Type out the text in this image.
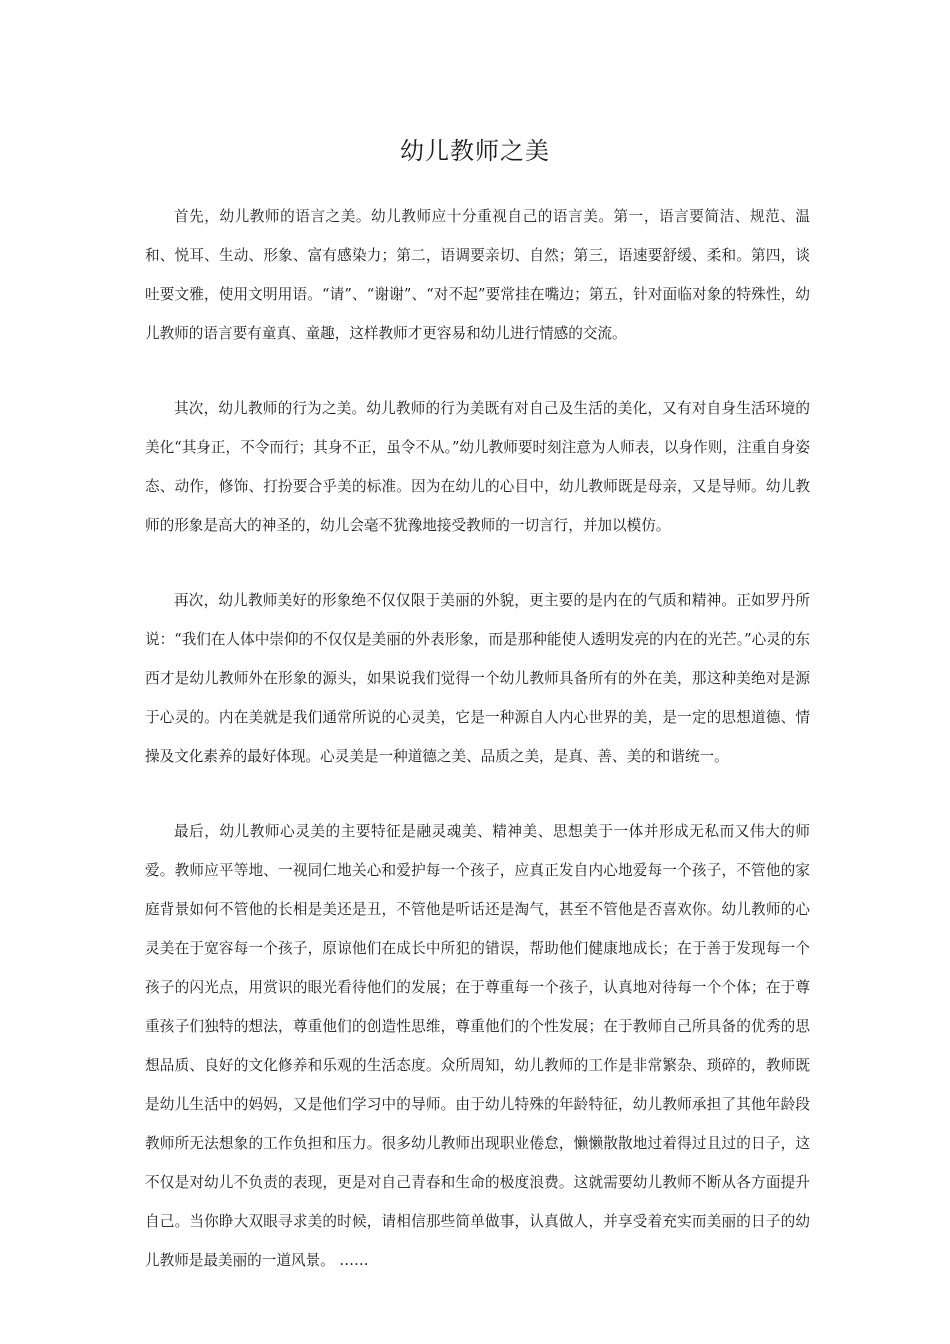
幼儿教师之美

首先，幼儿教师的语言之美。幼儿教师应十分重视自己的语言美。第一，语言要简洁、规范、温和、悦耳、生动、形象、富有感染力；第二，语调要亲切、自然；第三，语速要舒缓、柔和。第四，谈吐要文雅，使用文明用语。“请”、“谢谢”、“对不起”要常挂在嘴边；第五，针对面临对象的特殊性，幼儿教师的语言要有童真、童趣，这样教师才更容易和幼儿进行情感的交流。

其次，幼儿教师的行为之美。幼儿教师的行为美既有对自己及生活的美化，又有对自身生活环境的美化“其身正，不令而行；其身不正，虽令不从。”幼儿教师要时刻注意为人师表，以身作则，注重自身姿态、动作，修饰、打扮要合乎美的标准。因为在幼儿的心目中，幼儿教师既是母亲，又是导师。幼儿教师的形象是高大的神圣的，幼儿会毫不犹豫地接受教师的一切言行，并加以模仿。

再次，幼儿教师美好的形象绝不仅仅限于美丽的外貌，更主要的是内在的气质和精神。正如罗丹所说：“我们在人体中崇仰的不仅仅是美丽的外表形象，而是那种能使人透明发亮的内在的光芒。”心灵的东西才是幼儿教师外在形象的源头，如果说我们觉得一个幼儿教师具备所有的外在美，那这种美绝对是源于心灵的。内在美就是我们通常所说的心灵美，它是一种源自人内心世界的美，是一定的思想道德、情操及文化素养的最好体现。心灵美是一种道德之美、品质之美，是真、善、美的和谐统一。

最后，幼儿教师心灵美的主要特征是融灵魂美、精神美、思想美于一体并形成无私而又伟大的师爱。教师应平等地、一视同仁地关心和爱护每一个孩子，应真正发自内心地爱每一个孩子，不管他的家庭背景如何不管他的长相是美还是丑，不管他是听话还是淘气，甚至不管他是否喜欢你。幼儿教师的心灵美在于宽容每一个孩子，原谅他们在成长中所犯的错误，帮助他们健康地成长；在于善于发现每一个孩子的闪光点，用赏识的眼光看待他们的发展；在于尊重每一个孩子，认真地对待每一个个体；在于尊重孩子们独特的想法，尊重他们的创造性思维，尊重他们的个性发展；在于教师自己所具备的优秀的思想品质、良好的文化修养和乐观的生活态度。众所周知，幼儿教师的工作是非常繁杂、琐碎的，教师既是幼儿生活中的妈妈，又是他们学习中的导师。由于幼儿特殊的年龄特征，幼儿教师承担了其他年龄段教师所无法想象的工作负担和压力。很多幼儿教师出现职业倦怠，懒懒散散地过着得过且过的日子，这不仅是对幼儿不负责的表现，更是对自己青春和生命的极度浪费。这就需要幼儿教师不断从各方面提升自己。当你睁大双眼寻求美的时候，请相信那些简单做事，认真做人，并享受着充实而美丽的日子的幼儿教师是最美丽的一道风景。 ……
